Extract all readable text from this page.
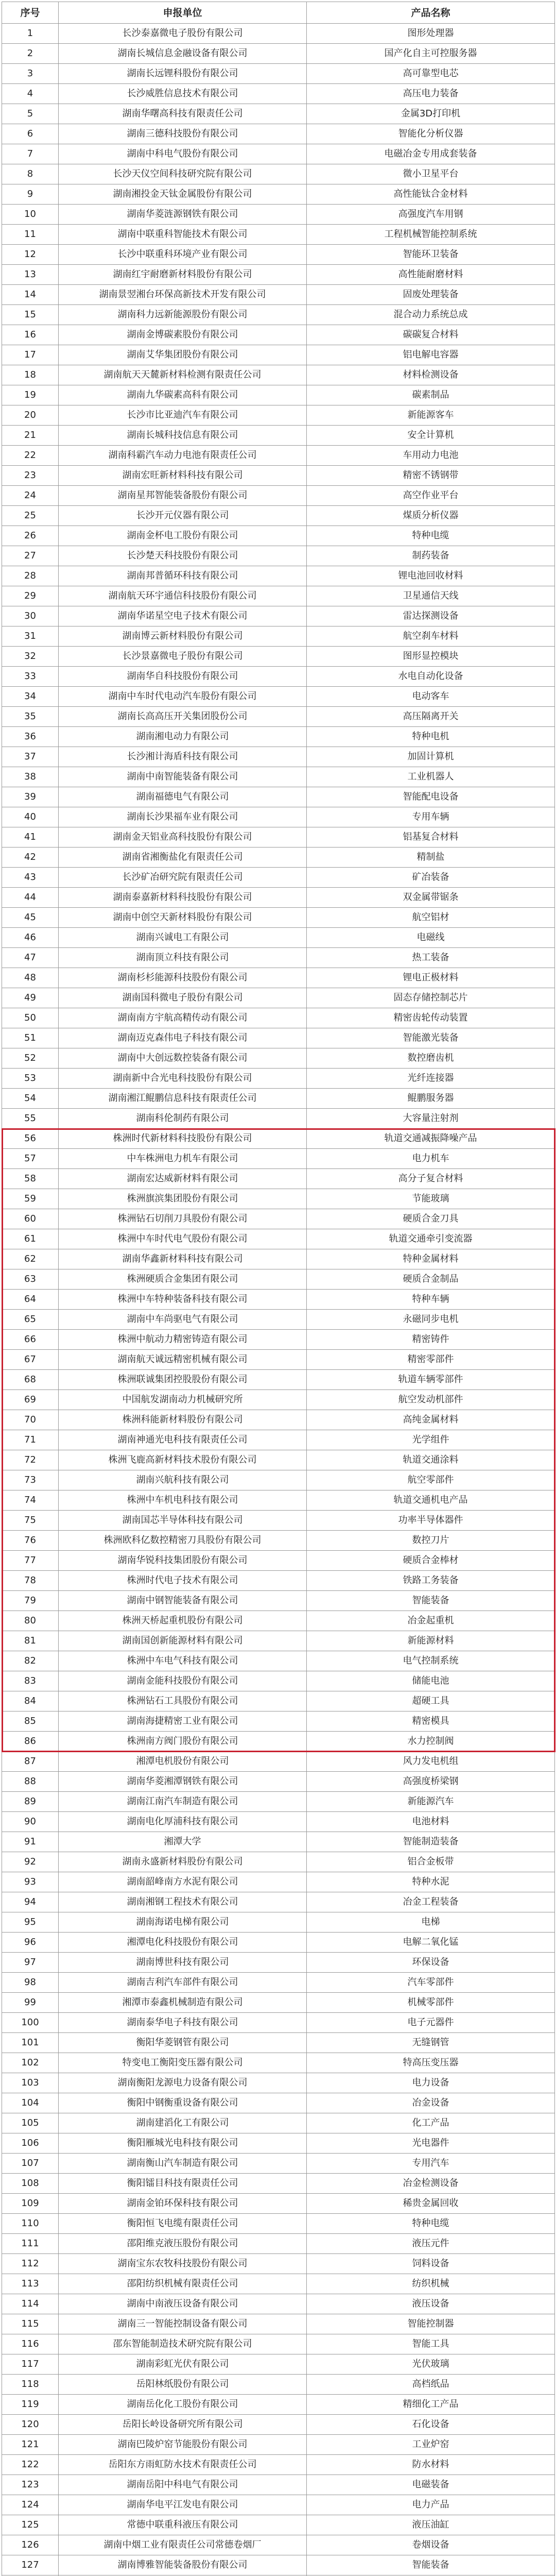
序号	申报单位	产品名称
1	长沙泰嘉微电子股份有限公司	图形处理器
2	湖南长城信息金融设备有限公司	国产化自主可控服务器
3	湖南长远锂科股份有限公司	高可靠型电芯
4	长沙威胜信息技术有限公司	高压电力装备
5	湖南华曙高科技有限责任公司	金属3D打印机
6	湖南三德科技股份有限公司	智能化分析仪器
7	湖南中科电气股份有限公司	电磁冶金专用成套装备
8	长沙天仪空间科技研究院有限公司	微小卫星平台
9	湖南湘投金天钛金属股份有限公司	高性能钛合金材料
10	湖南华菱涟源钢铁有限公司	高强度汽车用钢
11	湖南中联重科智能技术有限公司	工程机械智能控制系统
12	长沙中联重科环境产业有限公司	智能环卫装备
13	湖南红宇耐磨新材料股份有限公司	高性能耐磨材料
14	湖南景翌湘台环保高新技术开发有限公司	固废处理装备
15	湖南科力远新能源股份有限公司	混合动力系统总成
16	湖南金博碳素股份有限公司	碳碳复合材料
17	湖南艾华集团股份有限公司	铝电解电容器
18	湖南航天天麓新材料检测有限责任公司	材料检测设备
19	湖南九华碳素高科有限公司	碳素制品
20	长沙市比亚迪汽车有限公司	新能源客车
21	湖南长城科技信息有限公司	安全计算机
22	湖南科霸汽车动力电池有限责任公司	车用动力电池
23	湖南宏旺新材料科技有限公司	精密不锈钢带
24	湖南星邦智能装备股份有限公司	高空作业平台
25	长沙开元仪器有限公司	煤质分析仪器
26	湖南金杯电工股份有限公司	特种电缆
27	长沙楚天科技股份有限公司	制药装备
28	湖南邦普循环科技有限公司	锂电池回收材料
29	湖南航天环宇通信科技股份有限公司	卫星通信天线
30	湖南华诺星空电子技术有限公司	雷达探测设备
31	湖南博云新材料股份有限公司	航空刹车材料
32	长沙景嘉微电子股份有限公司	图形显控模块
33	湖南华自科技股份有限公司	水电自动化设备
34	湖南中车时代电动汽车股份有限公司	电动客车
35	湖南长高高压开关集团股份公司	高压隔离开关
36	湖南湘电动力有限公司	特种电机
37	长沙湘计海盾科技有限公司	加固计算机
38	湖南中南智能装备有限公司	工业机器人
39	湖南福德电气有限公司	智能配电设备
40	湖南长沙果福车业有限公司	专用车辆
41	湖南金天铝业高科技股份有限公司	铝基复合材料
42	湖南省湘衡盐化有限责任公司	精制盐
43	长沙矿冶研究院有限责任公司	矿冶装备
44	湖南泰嘉新材料科技股份有限公司	双金属带锯条
45	湖南中创空天新材料股份有限公司	航空铝材
46	湖南兴诚电工有限公司	电磁线
47	湖南顶立科技有限公司	热工装备
48	湖南杉杉能源科技股份有限公司	锂电正极材料
49	湖南国科微电子股份有限公司	固态存储控制芯片
50	湖南南方宇航高精传动有限公司	精密齿轮传动装置
51	湖南迈克森伟电子科技有限公司	智能激光装备
52	湖南中大创远数控装备有限公司	数控磨齿机
53	湖南新中合光电科技股份有限公司	光纤连接器
54	湖南湘江鲲鹏信息科技有限责任公司	鲲鹏服务器
55	湖南科伦制药有限公司	大容量注射剂
56	株洲时代新材料科技股份有限公司	轨道交通减振降噪产品
57	中车株洲电力机车有限公司	电力机车
58	湖南宏达威新材料有限公司	高分子复合材料
59	株洲旗滨集团股份有限公司	节能玻璃
60	株洲钻石切削刀具股份有限公司	硬质合金刀具
61	株洲中车时代电气股份有限公司	轨道交通牵引变流器
62	湖南华鑫新材料科技有限公司	特种金属材料
63	株洲硬质合金集团有限公司	硬质合金制品
64	株洲中车特种装备科技有限公司	特种车辆
65	湖南中车尚驱电气有限公司	永磁同步电机
66	株洲中航动力精密铸造有限公司	精密铸件
67	湖南航天诚远精密机械有限公司	精密零部件
68	株洲联诚集团控股股份有限公司	轨道车辆零部件
69	中国航发湖南动力机械研究所	航空发动机部件
70	株洲科能新材料股份有限公司	高纯金属材料
71	湖南神通光电科技有限责任公司	光学组件
72	株洲飞鹿高新材料技术股份有限公司	轨道交通涂料
73	湖南兴航科技有限公司	航空零部件
74	株洲中车机电科技有限公司	轨道交通机电产品
75	湖南国芯半导体科技有限公司	功率半导体器件
76	株洲欧科亿数控精密刀具股份有限公司	数控刀片
77	湖南华锐科技集团股份有限公司	硬质合金棒材
78	株洲时代电子技术有限公司	铁路工务装备
79	湖南中钢智能装备有限公司	智能装备
80	株洲天桥起重机股份有限公司	冶金起重机
81	湖南国创新能源材料有限公司	新能源材料
82	株洲中车电气科技有限公司	电气控制系统
83	湖南金能科技股份有限公司	储能电池
84	株洲钻石工具股份有限公司	超硬工具
85	湖南海捷精密工业有限公司	精密模具
86	株洲南方阀门股份有限公司	水力控制阀
87	湘潭电机股份有限公司	风力发电机组
88	湖南华菱湘潭钢铁有限公司	高强度桥梁钢
89	湖南江南汽车制造有限公司	新能源汽车
90	湖南电化厚浦科技有限公司	电池材料
91	湘潭大学	智能制造装备
92	湖南永盛新材料股份有限公司	铝合金板带
93	湖南韶峰南方水泥有限公司	特种水泥
94	湖南湘钢工程技术有限公司	冶金工程装备
95	湖南海诺电梯有限公司	电梯
96	湘潭电化科技股份有限公司	电解二氧化锰
97	湖南博世科技有限公司	环保设备
98	湖南吉利汽车部件有限公司	汽车零部件
99	湘潭市泰鑫机械制造有限公司	机械零部件
100	湖南泰华电子科技有限公司	电子元器件
101	衡阳华菱钢管有限公司	无缝钢管
102	特变电工衡阳变压器有限公司	特高压变压器
103	湖南衡阳龙源电力设备有限公司	电力设备
104	衡阳中钢衡重设备有限公司	冶金设备
105	湖南建滔化工有限公司	化工产品
106	衡阳雁城光电科技有限公司	光电器件
107	湖南衡山汽车制造有限公司	专用汽车
108	衡阳镭目科技有限责任公司	冶金检测设备
109	湖南金铂环保科技有限公司	稀贵金属回收
110	衡阳恒飞电缆有限责任公司	特种电缆
111	邵阳维克液压股份有限公司	液压元件
112	湖南宝东农牧科技股份有限公司	饲料设备
113	邵阳纺织机械有限责任公司	纺织机械
114	湖南中南液压设备有限公司	液压设备
115	湖南三一智能控制设备有限公司	智能控制器
116	邵东智能制造技术研究院有限公司	智能工具
117	湖南彩虹光伏有限公司	光伏玻璃
118	岳阳林纸股份有限公司	高档纸品
119	湖南岳化化工股份有限公司	精细化工产品
120	岳阳长岭设备研究所有限公司	石化设备
121	湖南巴陵炉窑节能股份有限公司	工业炉窑
122	岳阳东方雨虹防水技术有限责任公司	防水材料
123	湖南岳阳中科电气有限公司	电磁装备
124	湖南华电平江发电有限公司	电力产品
125	常德中联重科液压有限公司	液压油缸
126	湖南中烟工业有限责任公司常德卷烟厂	卷烟设备
127	湖南博雅智能装备股份有限公司	智能装备
